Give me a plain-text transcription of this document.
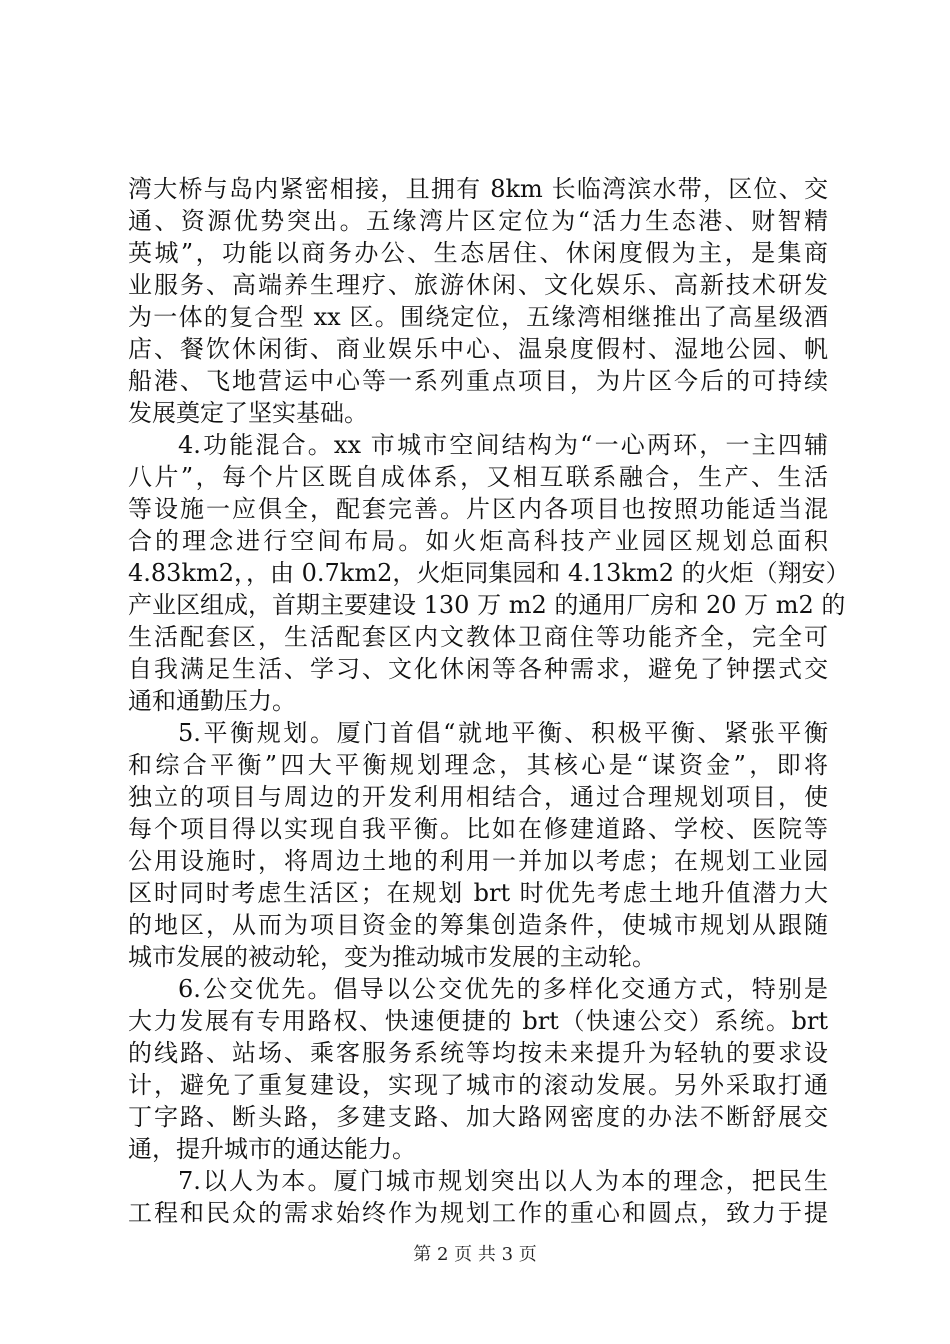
湾大桥与岛内紧密相接，且拥有 8km 长临湾滨水带，区位、交
通、资源优势突出。五缘湾片区定位为“活力生态港、财智精
英城”，功能以商务办公、生态居住、休闲度假为主，是集商
业服务、高端养生理疗、旅游休闲、文化娱乐、高新技术研发
为一体的复合型 xx 区。围绕定位，五缘湾相继推出了高星级酒
店、餐饮休闲街、商业娱乐中心、温泉度假村、湿地公园、帆
船港、飞地营运中心等一系列重点项目，为片区今后的可持续
发展奠定了坚实基础。
4.功能混合。xx 市城市空间结构为“一心两环，一主四辅
八片”，每个片区既自成体系，又相互联系融合，生产、生活
等设施一应俱全，配套完善。片区内各项目也按照功能适当混
合的理念进行空间布局。如火炬高科技产业园区规划总面积
4.83km2，，由 0.7km2，火炬同集园和 4.13km2 的火炬（翔安）
产业区组成，首期主要建设 130 万 m2 的通用厂房和 20 万 m2 的
生活配套区，生活配套区内文教体卫商住等功能齐全，完全可
自我满足生活、学习、文化休闲等各种需求，避免了钟摆式交
通和通勤压力。
5.平衡规划。厦门首倡“就地平衡、积极平衡、紧张平衡
和综合平衡”四大平衡规划理念，其核心是“谋资金”，即将
独立的项目与周边的开发利用相结合，通过合理规划项目，使
每个项目得以实现自我平衡。比如在修建道路、学校、医院等
公用设施时，将周边土地的利用一并加以考虑；在规划工业园
区时同时考虑生活区；在规划 brt 时优先考虑土地升值潜力大
的地区，从而为项目资金的筹集创造条件，使城市规划从跟随
城市发展的被动轮，变为推动城市发展的主动轮。
6.公交优先。倡导以公交优先的多样化交通方式，特别是
大力发展有专用路权、快速便捷的 brt（快速公交）系统。brt
的线路、站场、乘客服务系统等均按未来提升为轻轨的要求设
计，避免了重复建设，实现了城市的滚动发展。另外采取打通
丁字路、断头路，多建支路、加大路网密度的办法不断舒展交
通，提升城市的通达能力。
7.以人为本。厦门城市规划突出以人为本的理念，把民生
工程和民众的需求始终作为规划工作的重心和圆点，致力于提
第 2 页 共 3 页
